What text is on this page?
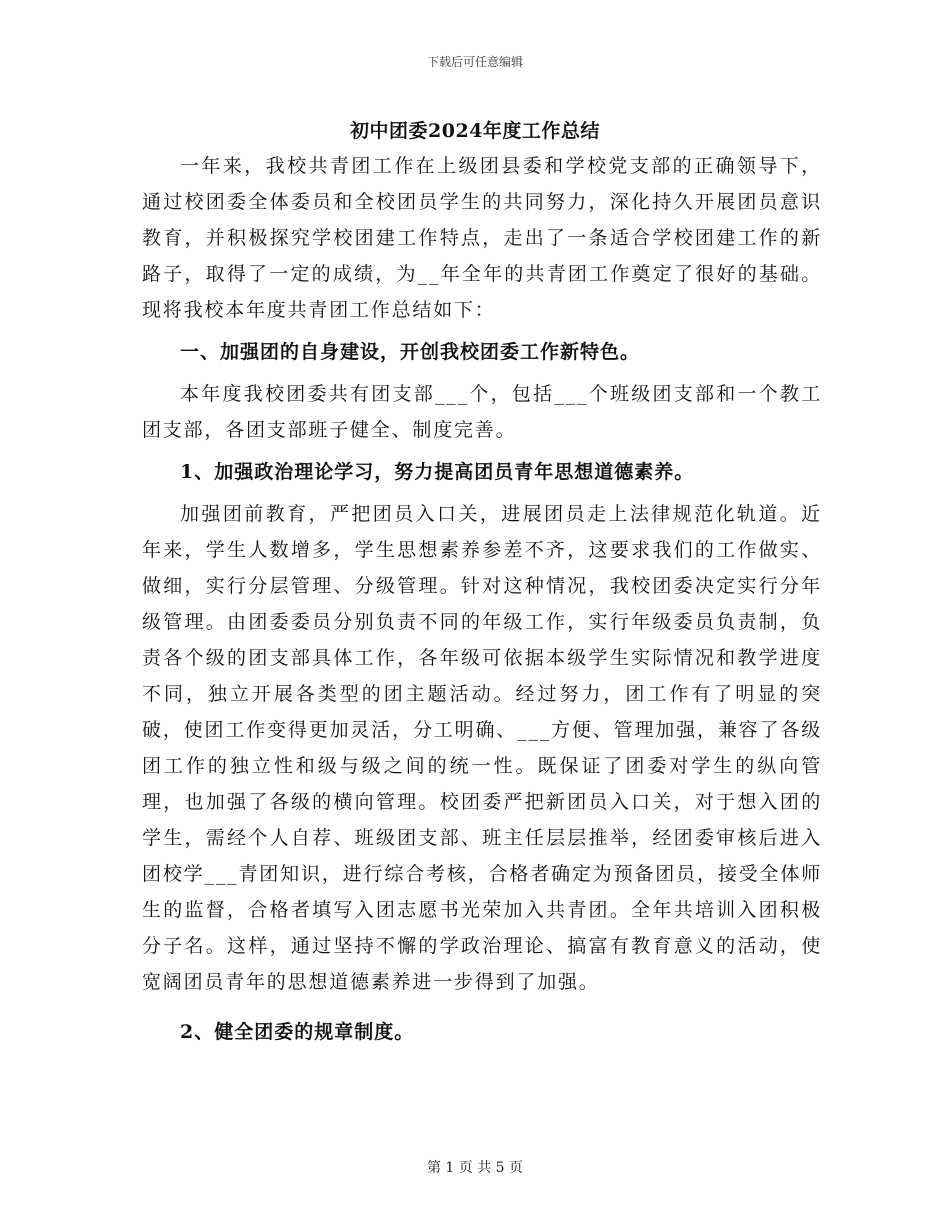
下载后可任意编辑
初中团委2024年度工作总结

一年来，我校共青团工作在上级团县委和学校党支部的正确领导下，通过校团委全体委员和全校团员学生的共同努力，深化持久开展团员意识教育，并积极探究学校团建工作特点，走出了一条适合学校团建工作的新路子，取得了一定的成绩，为__年全年的共青团工作奠定了很好的基础。现将我校本年度共青团工作总结如下：

一、加强团的自身建设，开创我校团委工作新特色。

本年度我校团委共有团支部___个，包括___个班级团支部和一个教工团支部，各团支部班子健全、制度完善。

1、加强政治理论学习，努力提高团员青年思想道德素养。

加强团前教育，严把团员入口关，进展团员走上法律规范化轨道。近年来，学生人数增多，学生思想素养参差不齐，这要求我们的工作做实、做细，实行分层管理、分级管理。针对这种情况，我校团委决定实行分年级管理。由团委委员分别负责不同的年级工作，实行年级委员负责制，负责各个级的团支部具体工作，各年级可依据本级学生实际情况和教学进度不同，独立开展各类型的团主题活动。经过努力，团工作有了明显的突破，使团工作变得更加灵活，分工明确、___方便、管理加强，兼容了各级团工作的独立性和级与级之间的统一性。既保证了团委对学生的纵向管理，也加强了各级的横向管理。校团委严把新团员入口关，对于想入团的学生，需经个人自荐、班级团支部、班主任层层推举，经团委审核后进入团校学___青团知识，进行综合考核，合格者确定为预备团员，接受全体师生的监督，合格者填写入团志愿书光荣加入共青团。全年共培训入团积极分子名。这样，通过坚持不懈的学政治理论、搞富有教育意义的活动，使宽阔团员青年的思想道德素养进一步得到了加强。

2、健全团委的规章制度。

第 1 页 共 5 页
